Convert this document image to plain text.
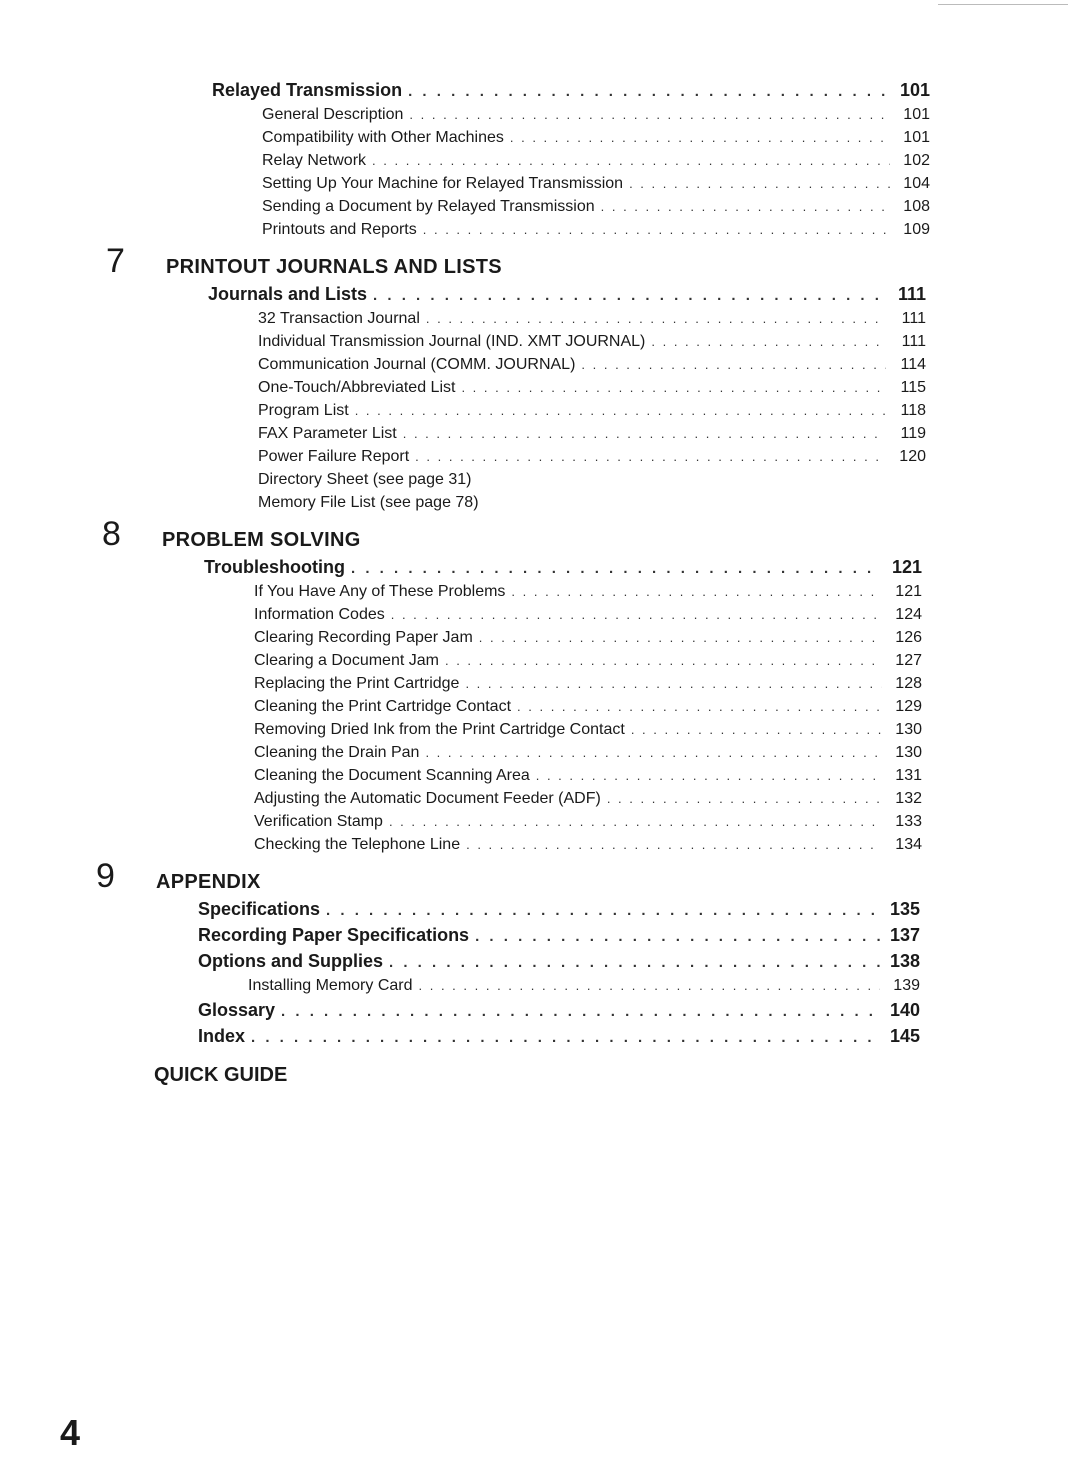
Relayed Transmission . . .	101
General Description . . .	101
Compatibility with Other Machines . . .	101
Relay Network . . .	102
Setting Up Your Machine for Relayed Transmission . . .	104
Sending a Document by Relayed Transmission . . .	108
Printouts and Reports . . .	109
7 PRINTOUT JOURNALS AND LISTS
Journals and Lists . . .	111
32 Transaction Journal . . .	111
Individual Transmission Journal (IND. XMT JOURNAL) . . .	111
Communication Journal (COMM. JOURNAL) . . .	114
One-Touch/Abbreviated List . . .	115
Program List . . .	118
FAX Parameter List . . .	119
Power Failure Report . . .	120
Directory Sheet (see page 31)
Memory File List (see page 78)
8 PROBLEM SOLVING
Troubleshooting . . .	121
If You Have Any of These Problems . . .	121
Information Codes . . .	124
Clearing Recording Paper Jam . . .	126
Clearing a Document Jam . . .	127
Replacing the Print Cartridge . . .	128
Cleaning the Print Cartridge Contact . . .	129
Removing Dried Ink from the Print Cartridge Contact . . .	130
Cleaning the Drain Pan . . .	130
Cleaning the Document Scanning Area . . .	131
Adjusting the Automatic Document Feeder (ADF) . . .	132
Verification Stamp . . .	133
Checking the Telephone Line . . .	134
9 APPENDIX
Specifications . . .	135
Recording Paper Specifications . . .	137
Options and Supplies . . .	138
Installing Memory Card . . .	139
Glossary . . .	140
Index . . .	145
QUICK GUIDE
4
